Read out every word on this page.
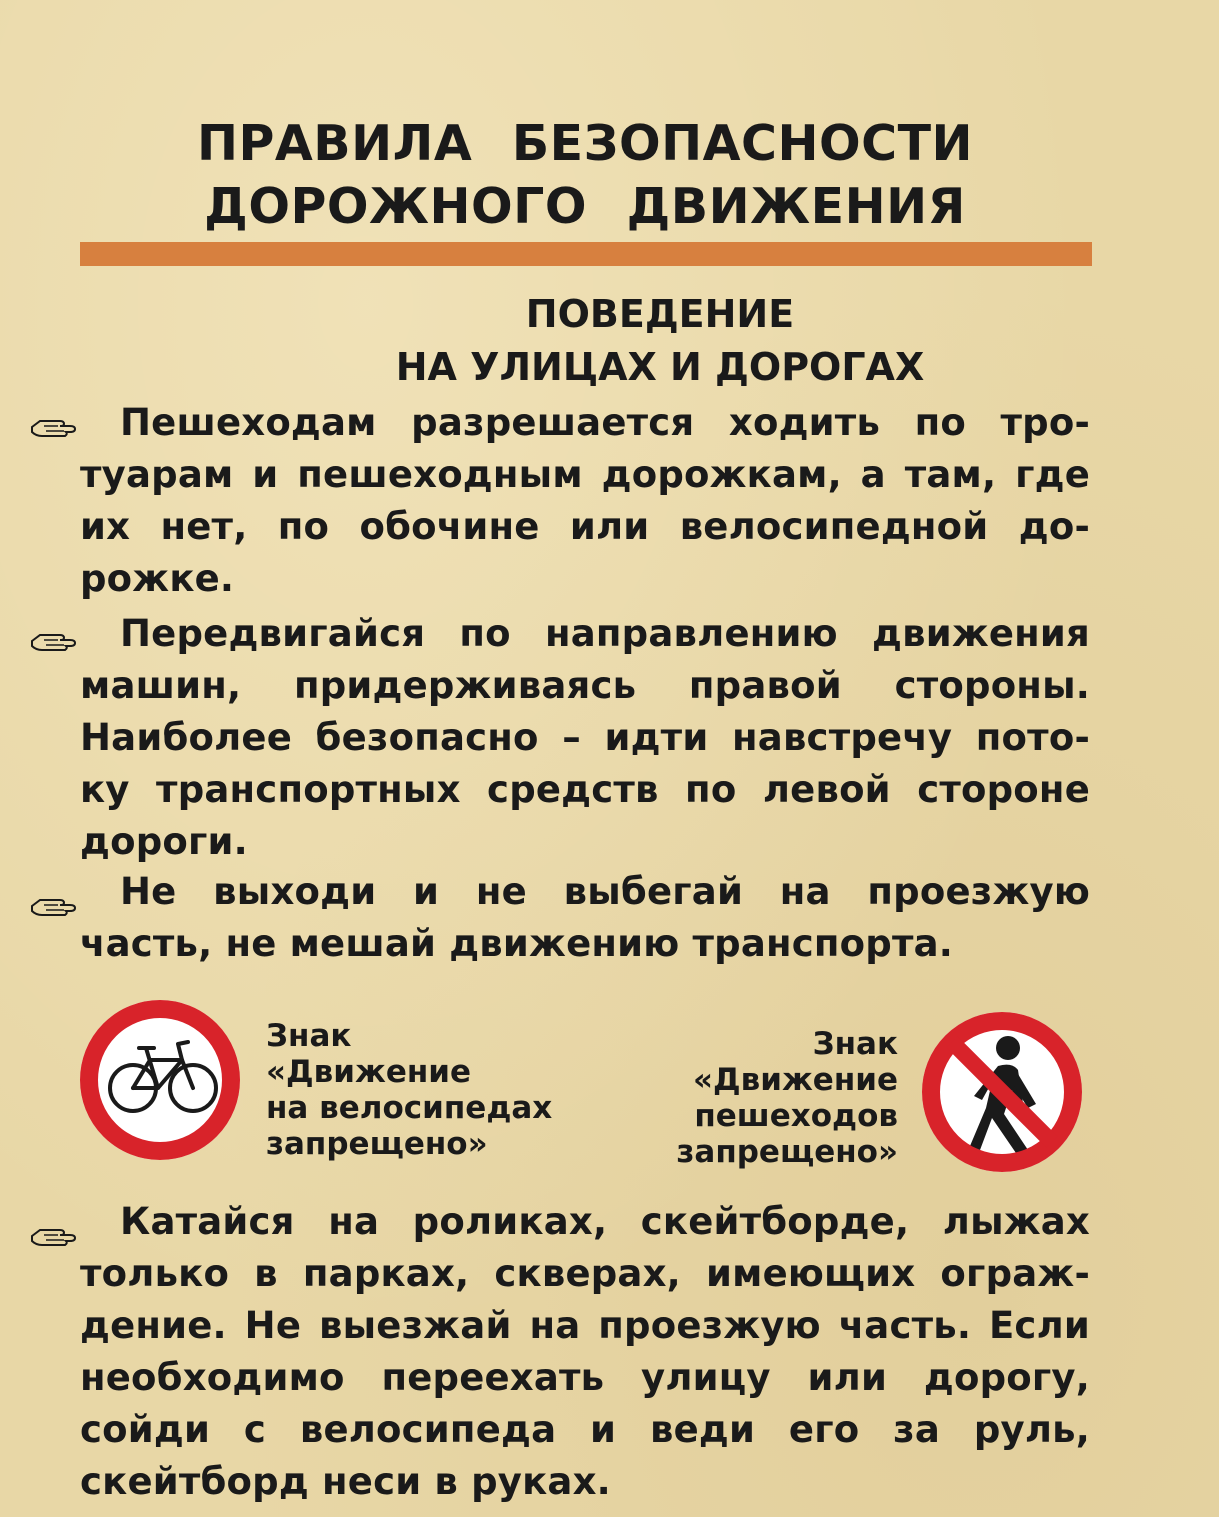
ПРАВИЛА БЕЗОПАСНОСТИ
ДОРОЖНОГО ДВИЖЕНИЯ
ПОВЕДЕНИЕ
НА УЛИЦАХ И ДОРОГАХ
Пешеходам разрешается ходить по тро-
туарам и пешеходным дорожкам, а там, где
их нет, по обочине или велосипедной до-
рожке.
Передвигайся по направлению движения
машин, придерживаясь правой стороны.
Наиболее безопасно – идти навстречу пото-
ку транспортных средств по левой стороне
дороги.
Не выходи и не выбегай на проезжую
часть, не мешай движению транспорта.
Знак
«Движение
на велосипедах
запрещено»
Знак
«Движение
пешеходов
запрещено»
Катайся на роликах, скейтборде, лыжах
только в парках, скверах, имеющих ограж-
дение. Не выезжай на проезжую часть. Если
необходимо переехать улицу или дорогу,
сойди с велосипеда и веди его за руль,
скейтборд неси в руках.
